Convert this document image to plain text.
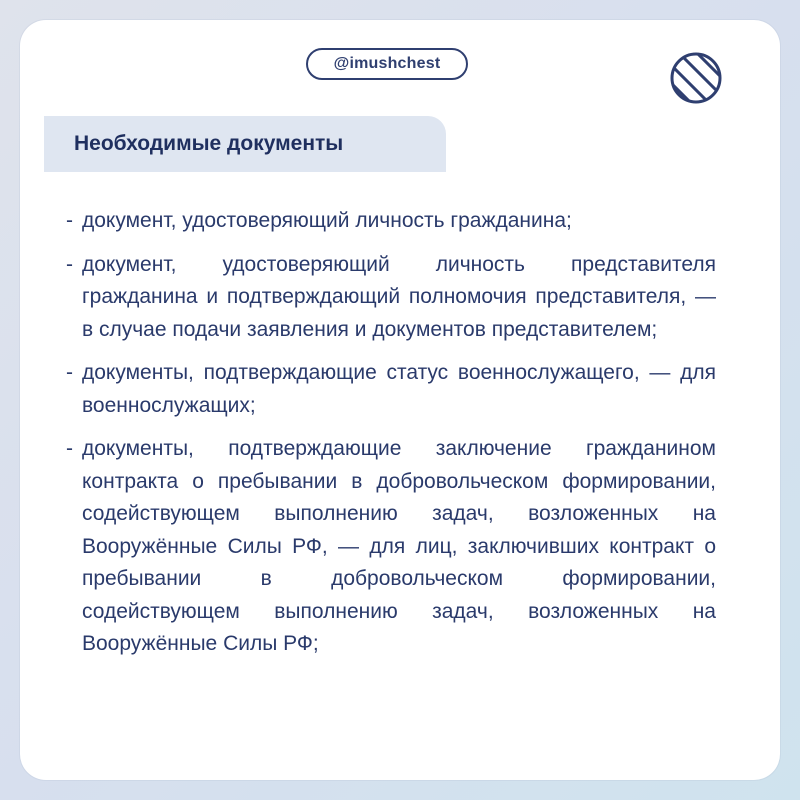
@imushchest
Необходимые документы
- документ, удостоверяющий личность гражданина;
- документ, удостоверяющий личность представителя гражданина и подтверждающий полномочия представителя, — в случае подачи заявления и документов представителем;
- документы, подтверждающие статус военнослужащего, — для военнослужащих;
- документы, подтверждающие заключение гражданином контракта о пребывании в добровольческом формировании, содействующем выполнению задач, возложенных на Вооружённые Силы РФ, — для лиц, заключивших контракт о пребывании в добровольческом формировании, содействующем выполнению задач, возложенных на Вооружённые Силы РФ;
